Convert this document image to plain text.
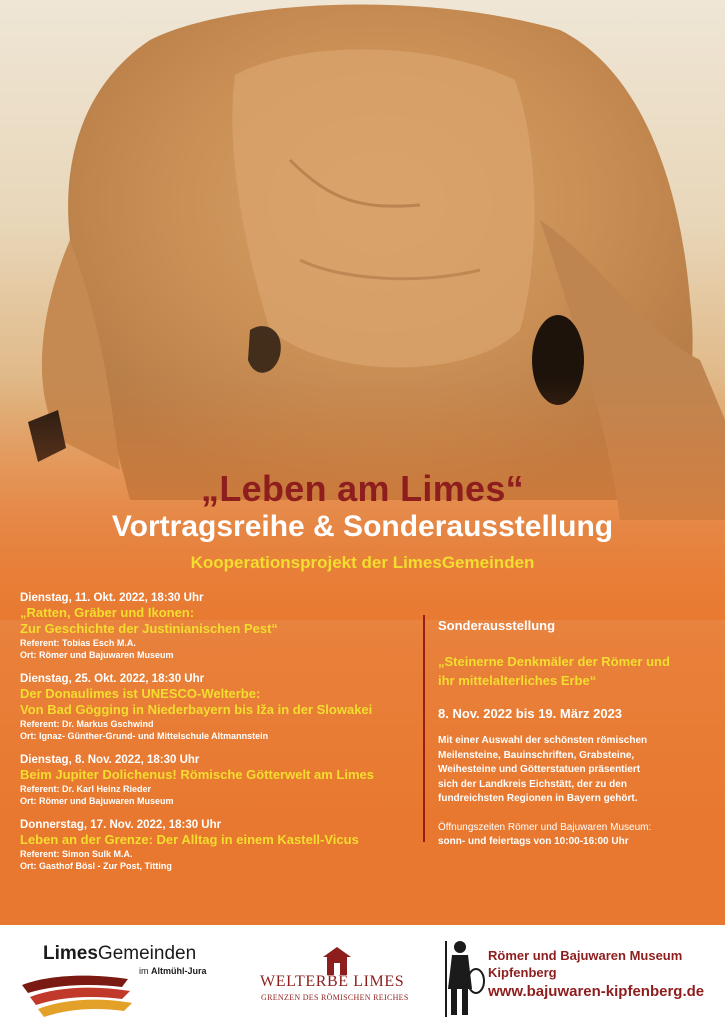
„Leben am Limes“
Vortragsreihe & Sonderausstellung
Kooperationsprojekt der LimesGemeinden
Dienstag, 11. Okt. 2022, 18:30 Uhr
„Ratten, Gräber und Ikonen:
Zur Geschichte der Justinianischen Pest“
Referent: Tobias Esch M.A.
Ort: Römer und Bajuwaren Museum
Dienstag, 25. Okt. 2022, 18:30 Uhr
Der Donaulimes ist UNESCO-Welterbe:
Von Bad Gögging in Niederbayern bis Iža in der Slowakei
Referent: Dr. Markus Gschwind
Ort: Ignaz- Günther-Grund- und Mittelschule Altmannstein
Dienstag, 8. Nov. 2022, 18:30 Uhr
Beim Jupiter Dolichenus! Römische Götterwelt am Limes
Referent: Dr. Karl Heinz Rieder
Ort: Römer und Bajuwaren Museum
Donnerstag, 17. Nov. 2022, 18:30 Uhr
Leben an der Grenze: Der Alltag in einem Kastell-Vicus
Referent: Simon Sulk M.A.
Ort: Gasthof Bösl - Zur Post, Titting
Sonderausstellung
„Steinerne Denkmäler der Römer und
ihr mittelalterliches Erbe“
8. Nov. 2022 bis 19. März 2023
Mit einer Auswahl der schönsten römischen
Meilensteine, Bauinschriften, Grabsteine,
Weihesteine und Götterstatuen präsentiert
sich der Landkreis Eichstätt, der zu den
fundreichsten Regionen in Bayern gehört.
Öffnungszeiten Römer und Bajuwaren Museum:
sonn- und feiertags von 10:00-16:00 Uhr
LimesGemeinden
im Altmühl-Jura
WELTERBE LIMES
GRENZEN DES RÖMISCHEN REICHES
Römer und Bajuwaren Museum
Kipfenberg
www.bajuwaren-kipfenberg.de
